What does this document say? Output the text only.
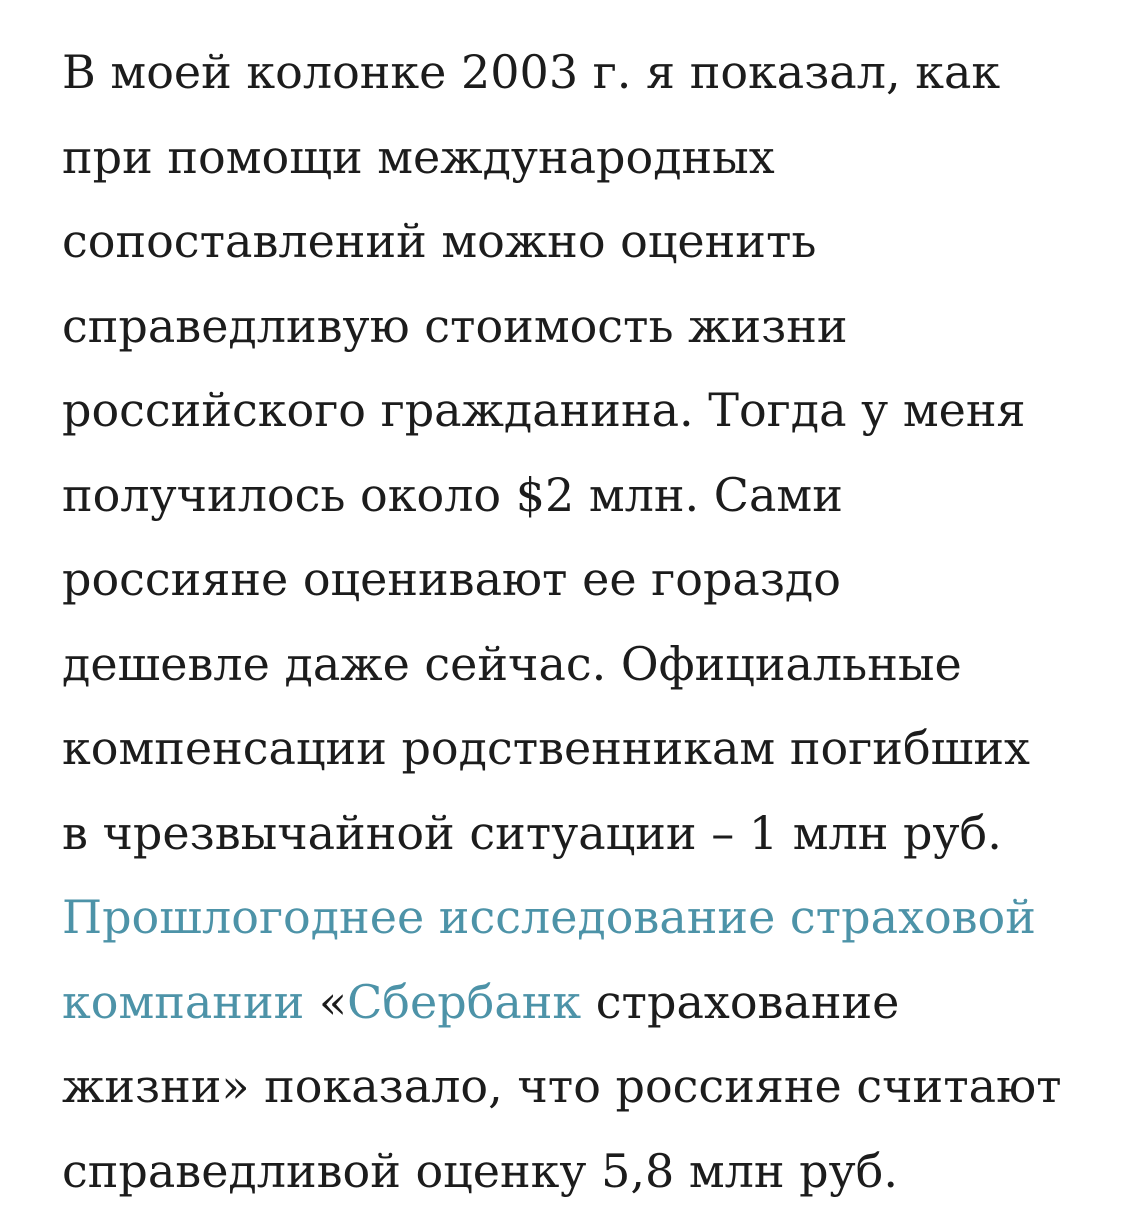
В моей колонке 2003 г. я показал, как
при помощи международных
сопоставлений можно оценить
справедливую стоимость жизни
российского гражданина. Тогда у меня
получилось около $2 млн. Сами
россияне оценивают ее гораздо
дешевле даже сейчас. Официальные
компенсации родственникам погибших
в чрезвычайной ситуации – 1 млн руб.
Прошлогоднее исследование страховой
компании «Сбербанк страхование
жизни» показало, что россияне считают
справедливой оценку 5,8 млн руб.
